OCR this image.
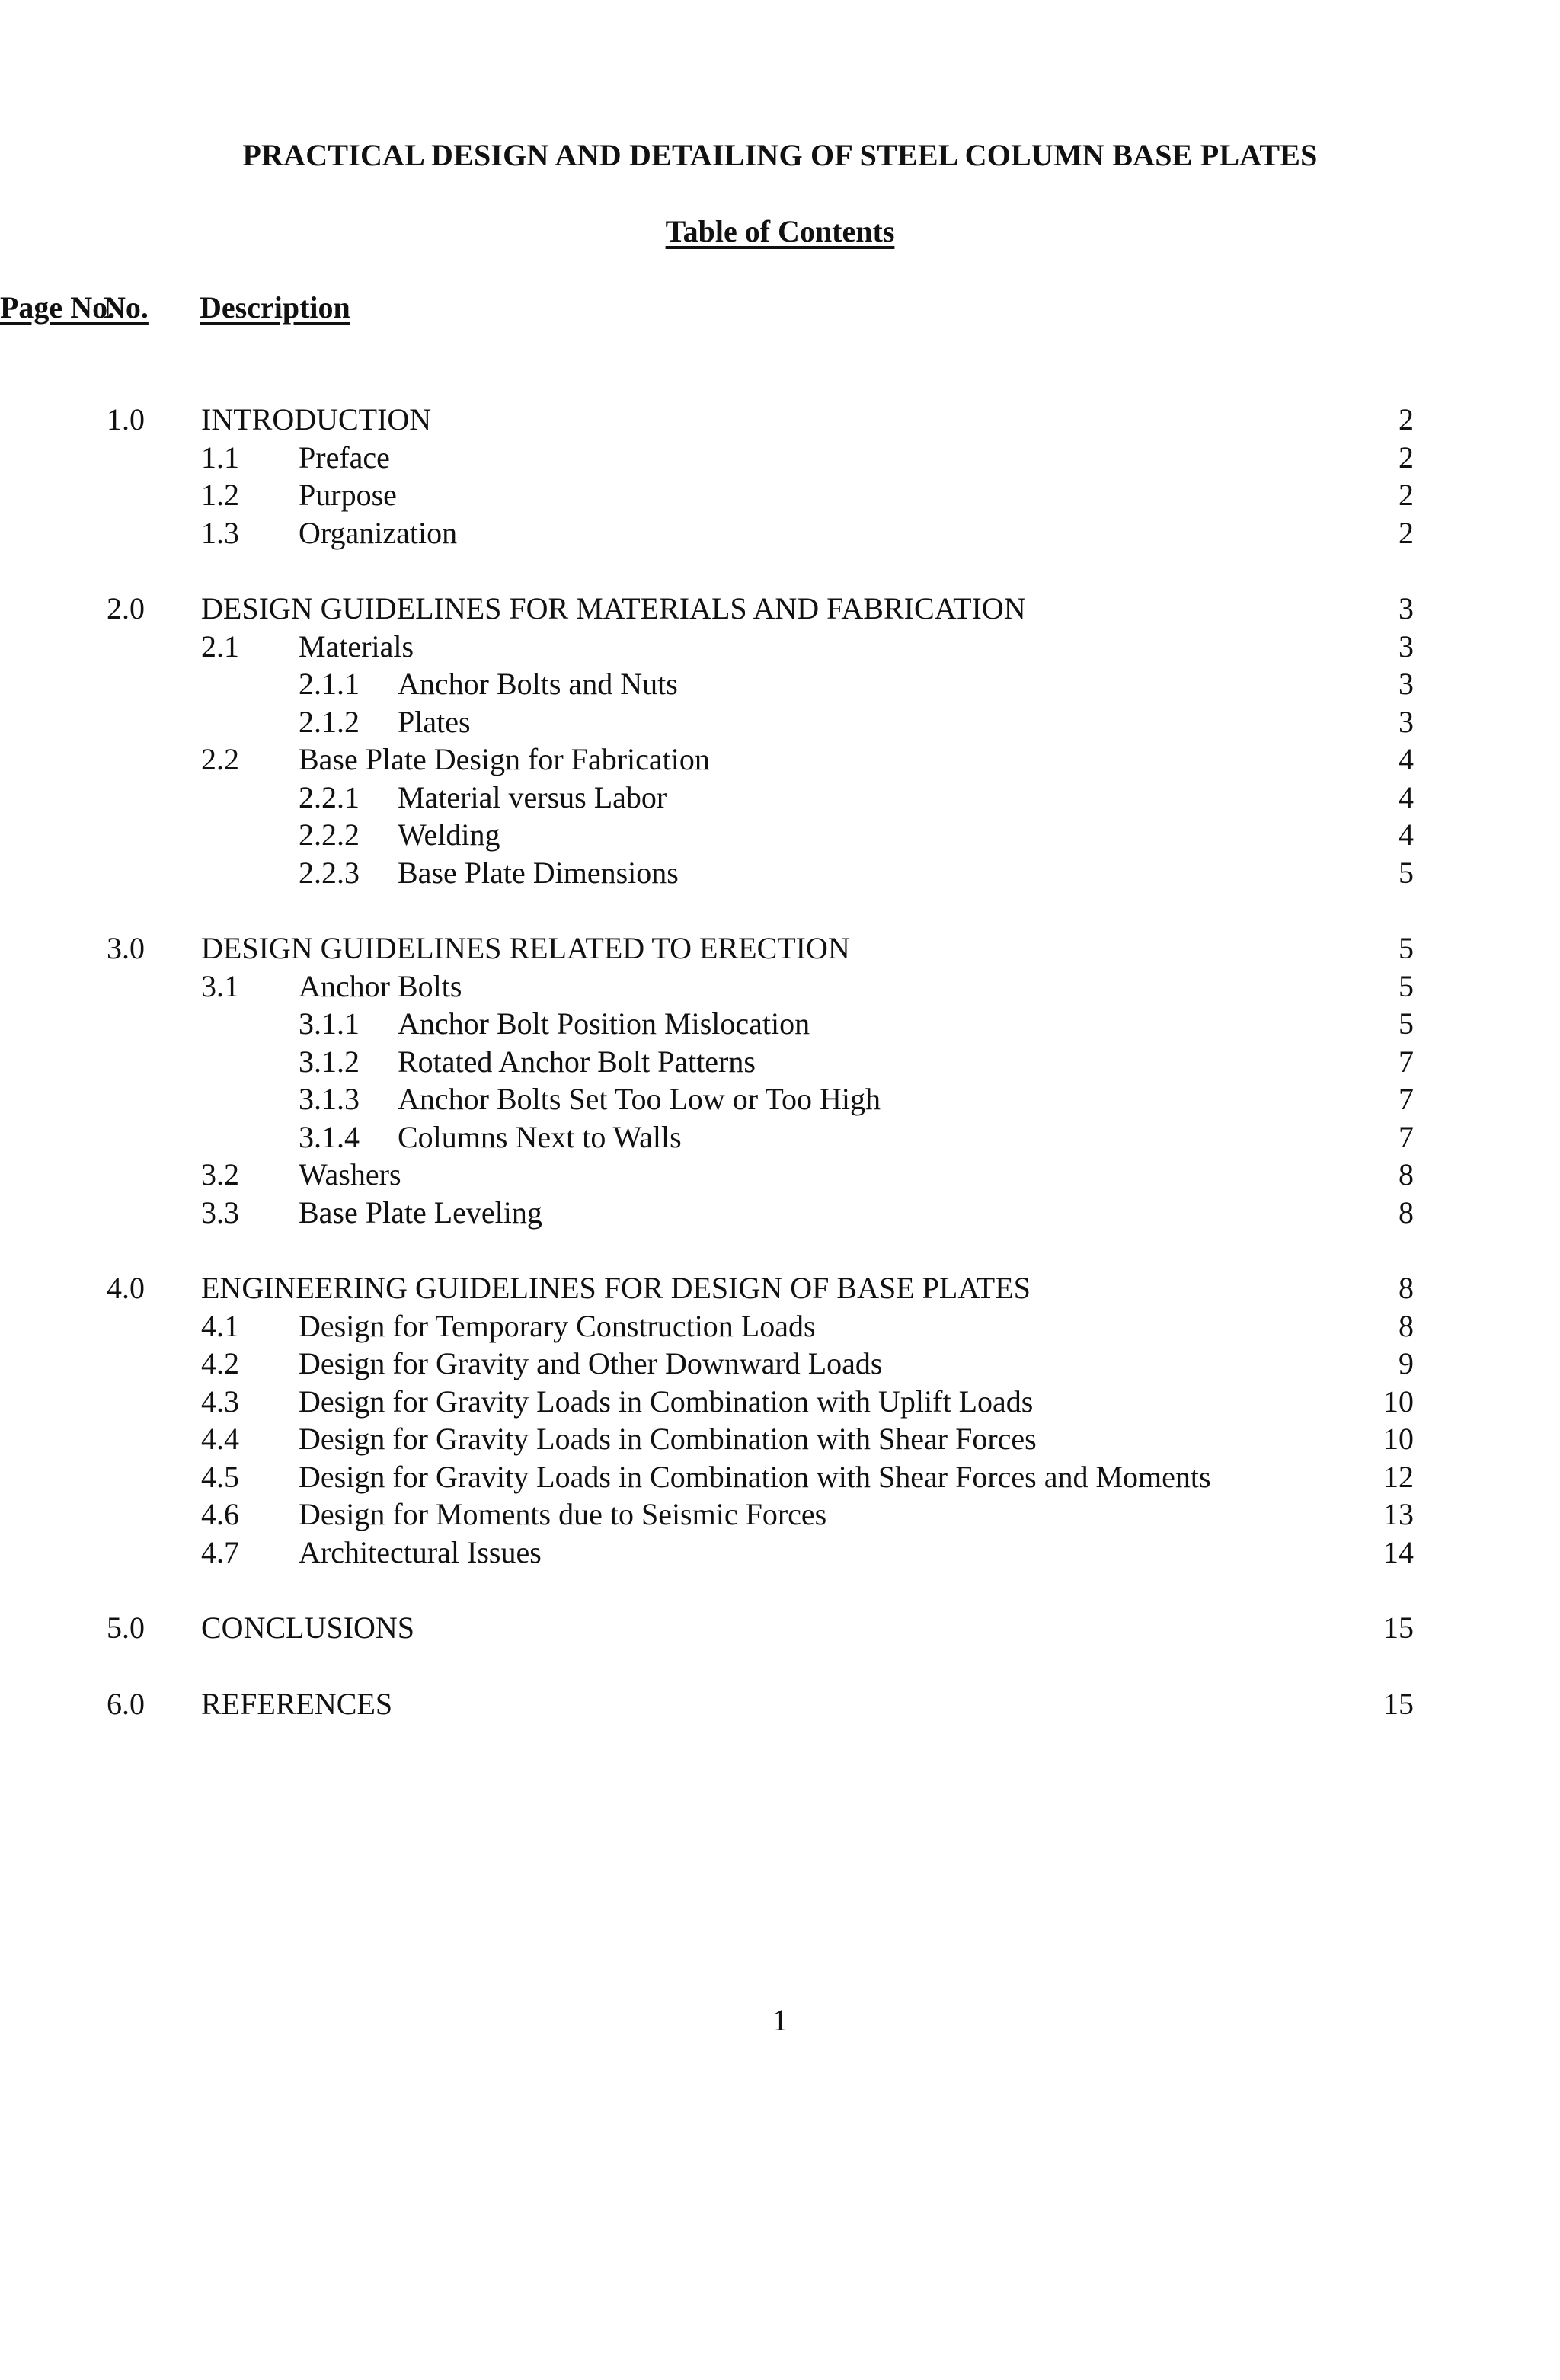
PRACTICAL DESIGN AND DETAILING OF STEEL COLUMN BASE PLATES
Table of Contents
No. Description
Page No.
1.0 INTRODUCTION	2
1.1 Preface	2
1.2 Purpose	2
1.3 Organization	2
2.0 DESIGN GUIDELINES FOR MATERIALS AND FABRICATION	3
2.1 Materials	3
2.1.1 Anchor Bolts and Nuts	3
2.1.2 Plates	3
2.2 Base Plate Design for Fabrication	4
2.2.1 Material versus Labor	4
2.2.2 Welding	4
2.2.3 Base Plate Dimensions	5
3.0 DESIGN GUIDELINES RELATED TO ERECTION	5
3.1 Anchor Bolts	5
3.1.1 Anchor Bolt Position Mislocation	5
3.1.2 Rotated Anchor Bolt Patterns	7
3.1.3 Anchor Bolts Set Too Low or Too High	7
3.1.4 Columns Next to Walls	7
3.2 Washers	8
3.3 Base Plate Leveling	8
4.0 ENGINEERING GUIDELINES FOR DESIGN OF BASE PLATES	8
4.1 Design for Temporary Construction Loads	8
4.2 Design for Gravity and Other Downward Loads	9
4.3 Design for Gravity Loads in Combination with Uplift Loads	10
4.4 Design for Gravity Loads in Combination with Shear Forces	10
4.5 Design for Gravity Loads in Combination with Shear Forces and Moments	12
4.6 Design for Moments due to Seismic Forces	13
4.7 Architectural Issues	14
5.0 CONCLUSIONS	15
6.0 REFERENCES	15
1
